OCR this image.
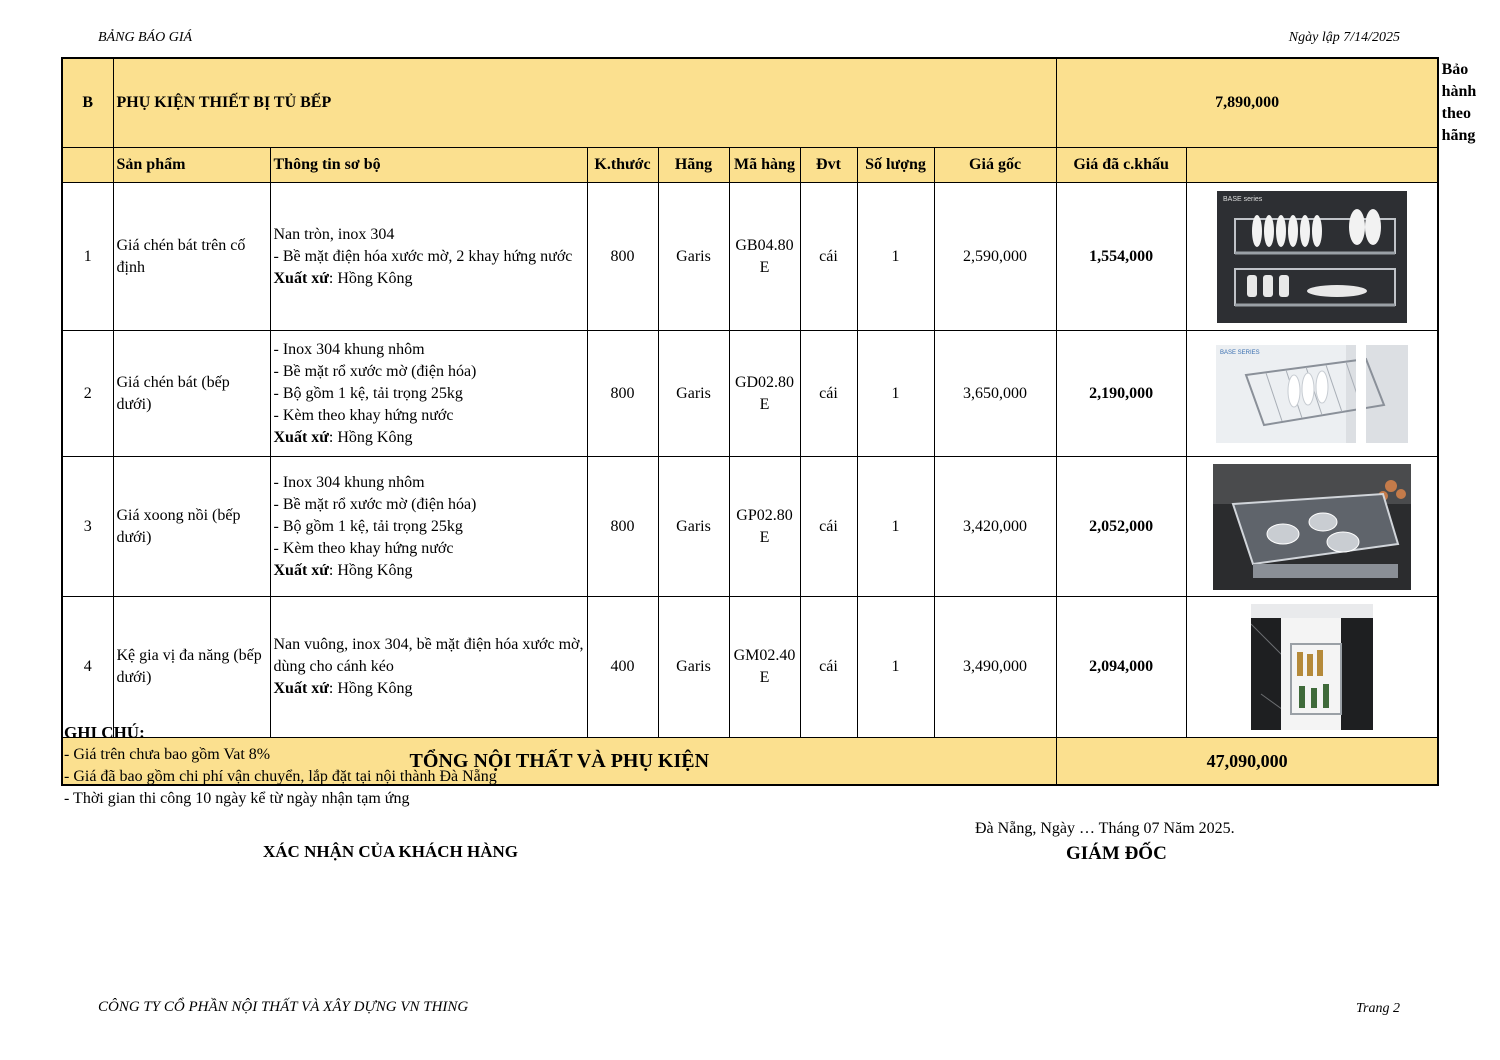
BẢNG BÁO GIÁ	Ngày lập 7/14/2025
B	PHỤ KIỆN THIẾT BỊ TỦ BẾP								7,890,000		Bảo hành theo hãng
	Sản phẩm	Thông tin sơ bộ	K.thước	Hãng	Mã hàng	Đvt	Số lượng	Giá gốc	Giá đã c.khấu		
1	Giá chén bát trên cố định	Nan tròn, inox 304
- Bề mặt điện hóa xước mờ, 2 khay hứng nước
Xuất xứ: Hồng Kông	800	Garis	GB04.80E	cái	1	2,590,000	1,554,000	BASE series	

2	Giá chén bát (bếp dưới)	- Inox 304 khung nhôm
- Bề mặt rổ xước mờ (điện hóa)
- Bộ gồm 1 kệ, tải trọng 25kg
- Kèm theo khay hứng nước
Xuất xứ: Hồng Kông	800	Garis	GD02.80E	cái	1	3,650,000	2,190,000	BASE SERIES	

3	Giá xoong nồi (bếp dưới)	- Inox 304 khung nhôm
- Bề mặt rổ xước mờ (điện hóa)
- Bộ gồm 1 kệ, tải trọng 25kg
- Kèm theo khay hứng nước
Xuất xứ: Hồng Kông	800	Garis	GP02.80E	cái	1	3,420,000	2,052,000	

4	Kệ gia vị đa năng (bếp dưới)	Nan vuông, inox 304, bề mặt điện hóa xước mờ, dùng cho cánh kéo
Xuất xứ: Hồng Kông	400	Garis	GM02.40E	cái	1	3,490,000	2,094,000	

TỔNG NỘI THẤT VÀ PHỤ KIỆN									47,090,000		
GHI CHÚ:
- Giá trên chưa bao gồm Vat 8%
- Giá đã bao gồm chi phí vận chuyển, lắp đặt tại nội thành Đà Nẵng
- Thời gian thi công 10 ngày kể từ ngày nhận tạm ứng
XÁC NHẬN CỦA KHÁCH HÀNG
Đà Nẵng, Ngày … Tháng 07 Năm 2025.
GIÁM ĐỐC
CÔNG TY CỔ PHẦN NỘI THẤT VÀ XÂY DỰNG VN THING	Trang 2
